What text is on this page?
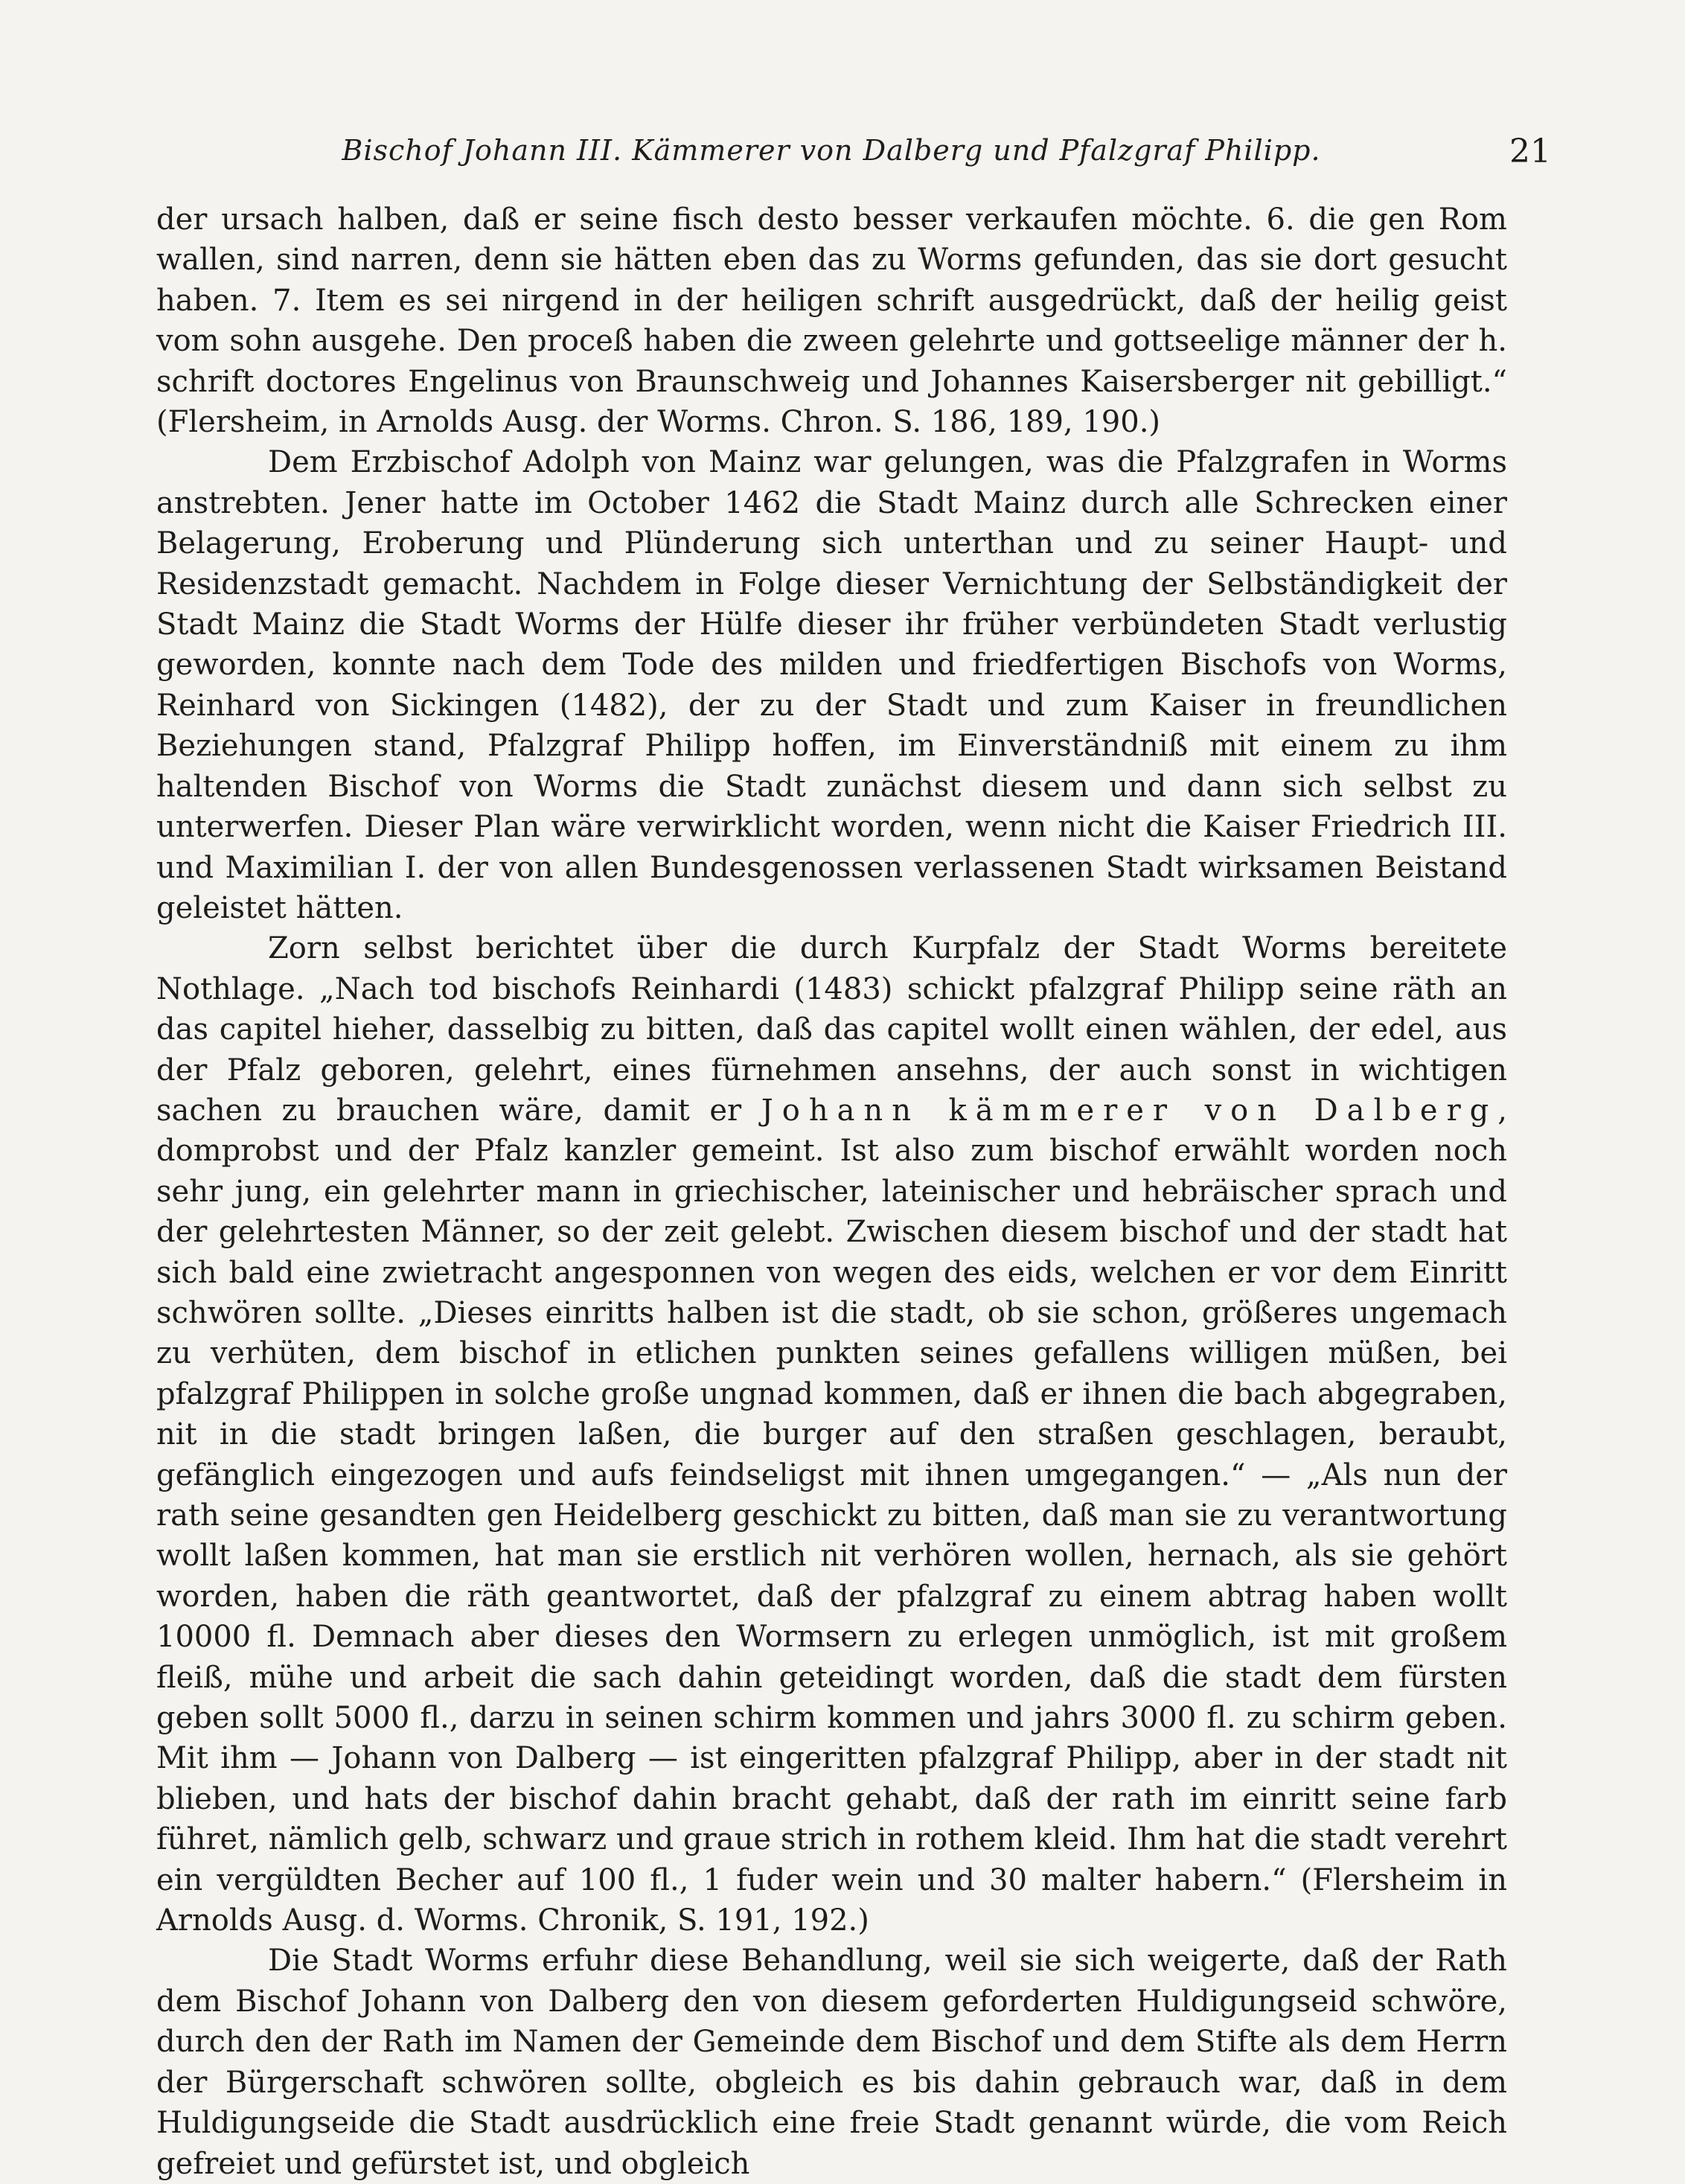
Bischof Johann III. Kämmerer von Dalberg und Pfalzgraf Philipp.	21

der ursach halben, daß er seine fisch desto besser verkaufen möchte. 6. die gen Rom wallen, sind narren, denn sie hätten eben das zu Worms gefunden, das sie dort gesucht haben. 7. Item es sei nirgend in der heiligen schrift ausgedrückt, daß der heilig geist vom sohn ausgehe. Den proceß haben die zween gelehrte und gottseelige männer der h. schrift doctores Engelinus von Braunschweig und Johannes Kaisersberger nit gebilligt.“ (Flersheim, in Arnolds Ausg. der Worms. Chron. S. 186, 189, 190.)

Dem Erzbischof Adolph von Mainz war gelungen, was die Pfalzgrafen in Worms anstrebten. Jener hatte im October 1462 die Stadt Mainz durch alle Schrecken einer Belagerung, Eroberung und Plünderung sich unterthan und zu seiner Haupt- und Residenzstadt gemacht. Nachdem in Folge dieser Vernichtung der Selbständigkeit der Stadt Mainz die Stadt Worms der Hülfe dieser ihr früher verbündeten Stadt verlustig geworden, konnte nach dem Tode des milden und friedfertigen Bischofs von Worms, Reinhard von Sickingen (1482), der zu der Stadt und zum Kaiser in freundlichen Beziehungen stand, Pfalzgraf Philipp hoffen, im Einverständniß mit einem zu ihm haltenden Bischof von Worms die Stadt zunächst diesem und dann sich selbst zu unterwerfen. Dieser Plan wäre verwirklicht worden, wenn nicht die Kaiser Friedrich III. und Maximilian I. der von allen Bundesgenossen verlassenen Stadt wirksamen Beistand geleistet hätten.

Zorn selbst berichtet über die durch Kurpfalz der Stadt Worms bereitete Nothlage. „Nach tod bischofs Reinhardi (1483) schickt pfalzgraf Philipp seine räth an das capitel hieher, dasselbig zu bitten, daß das capitel wollt einen wählen, der edel, aus der Pfalz geboren, gelehrt, eines fürnehmen ansehns, der auch sonst in wichtigen sachen zu brauchen wäre, damit er Johann kämmerer von Dalberg, domprobst und der Pfalz kanzler gemeint. Ist also zum bischof erwählt worden noch sehr jung, ein gelehrter mann in griechischer, lateinischer und hebräischer sprach und der gelehrtesten Männer, so der zeit gelebt. Zwischen diesem bischof und der stadt hat sich bald eine zwietracht angesponnen von wegen des eids, welchen er vor dem Einritt schwören sollte. „Dieses einritts halben ist die stadt, ob sie schon, größeres ungemach zu verhüten, dem bischof in etlichen punkten seines gefallens willigen müßen, bei pfalzgraf Philippen in solche große ungnad kommen, daß er ihnen die bach abgegraben, nit in die stadt bringen laßen, die burger auf den straßen geschlagen, beraubt, gefänglich eingezogen und aufs feindseligst mit ihnen umgegangen.“ — „Als nun der rath seine gesandten gen Heidelberg geschickt zu bitten, daß man sie zu verantwortung wollt laßen kommen, hat man sie erstlich nit verhören wollen, hernach, als sie gehört worden, haben die räth geantwortet, daß der pfalzgraf zu einem abtrag haben wollt 10000 fl. Demnach aber dieses den Wormsern zu erlegen unmöglich, ist mit großem fleiß, mühe und arbeit die sach dahin geteidingt worden, daß die stadt dem fürsten geben sollt 5000 fl., darzu in seinen schirm kommen und jahrs 3000 fl. zu schirm geben. Mit ihm — Johann von Dalberg — ist eingeritten pfalzgraf Philipp, aber in der stadt nit blieben, und hats der bischof dahin bracht gehabt, daß der rath im einritt seine farb führet, nämlich gelb, schwarz und graue strich in rothem kleid. Ihm hat die stadt verehrt ein vergüldten Becher auf 100 fl., 1 fuder wein und 30 malter habern.“ (Flersheim in Arnolds Ausg. d. Worms. Chronik, S. 191, 192.)

Die Stadt Worms erfuhr diese Behandlung, weil sie sich weigerte, daß der Rath dem Bischof Johann von Dalberg den von diesem geforderten Huldigungseid schwöre, durch den der Rath im Namen der Gemeinde dem Bischof und dem Stifte als dem Herrn der Bürgerschaft schwören sollte, obgleich es bis dahin gebrauch war, daß in dem Huldigungseide die Stadt ausdrücklich eine freie Stadt genannt würde, die vom Reich gefreiet und gefürstet ist, und obgleich
